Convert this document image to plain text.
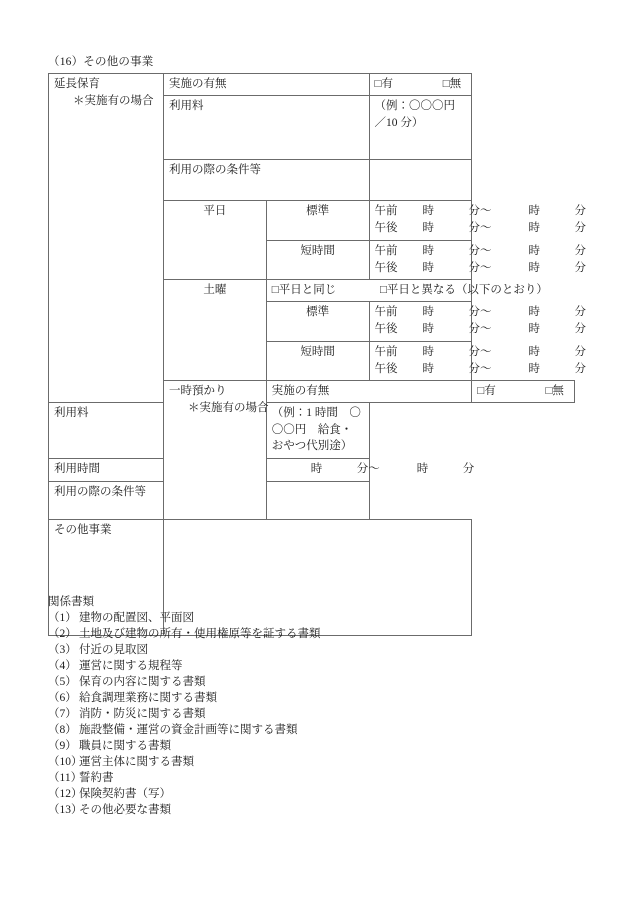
（16）その他の事業
延長保育
＊実施有の場合	実施の有無		□有 □無	
	利用料		（例：〇〇〇円／10 分）	
	利用の際の条件等			
	平日	標準	午前 時 分〜 時 分
午後 時 分〜 時 分	

		短時間	午前 時 分〜 時 分
午後 時 分〜 時 分	

	土曜	□平日と同じ □平日と異なる（以下のとおり）		
		標準	午前 時 分〜 時 分
午後 時 分〜 時 分	

		短時間	午前 時 分〜 時 分
午後 時 分〜 時 分	

	一時預かり
＊実施有の場合	実施の有無		□有 □無
利用料		（例：1 時間　〇〇〇円　給食・おやつ代別途）		
利用時間		時 分〜 時 分		

利用の際の条件等				
その他事業				
関係書類
（1） 建物の配置図、平面図
（2） 土地及び建物の所有・使用権原等を証する書類
（3） 付近の見取図
（4） 運営に関する規程等
（5） 保育の内容に関する書類
（6） 給食調理業務に関する書類
（7） 消防・防災に関する書類
（8） 施設整備・運営の資金計画等に関する書類
（9） 職員に関する書類
（10）
運営主体に関する書類
（11）
誓約書
（12）
保険契約書（写）
（13）
その他必要な書類
